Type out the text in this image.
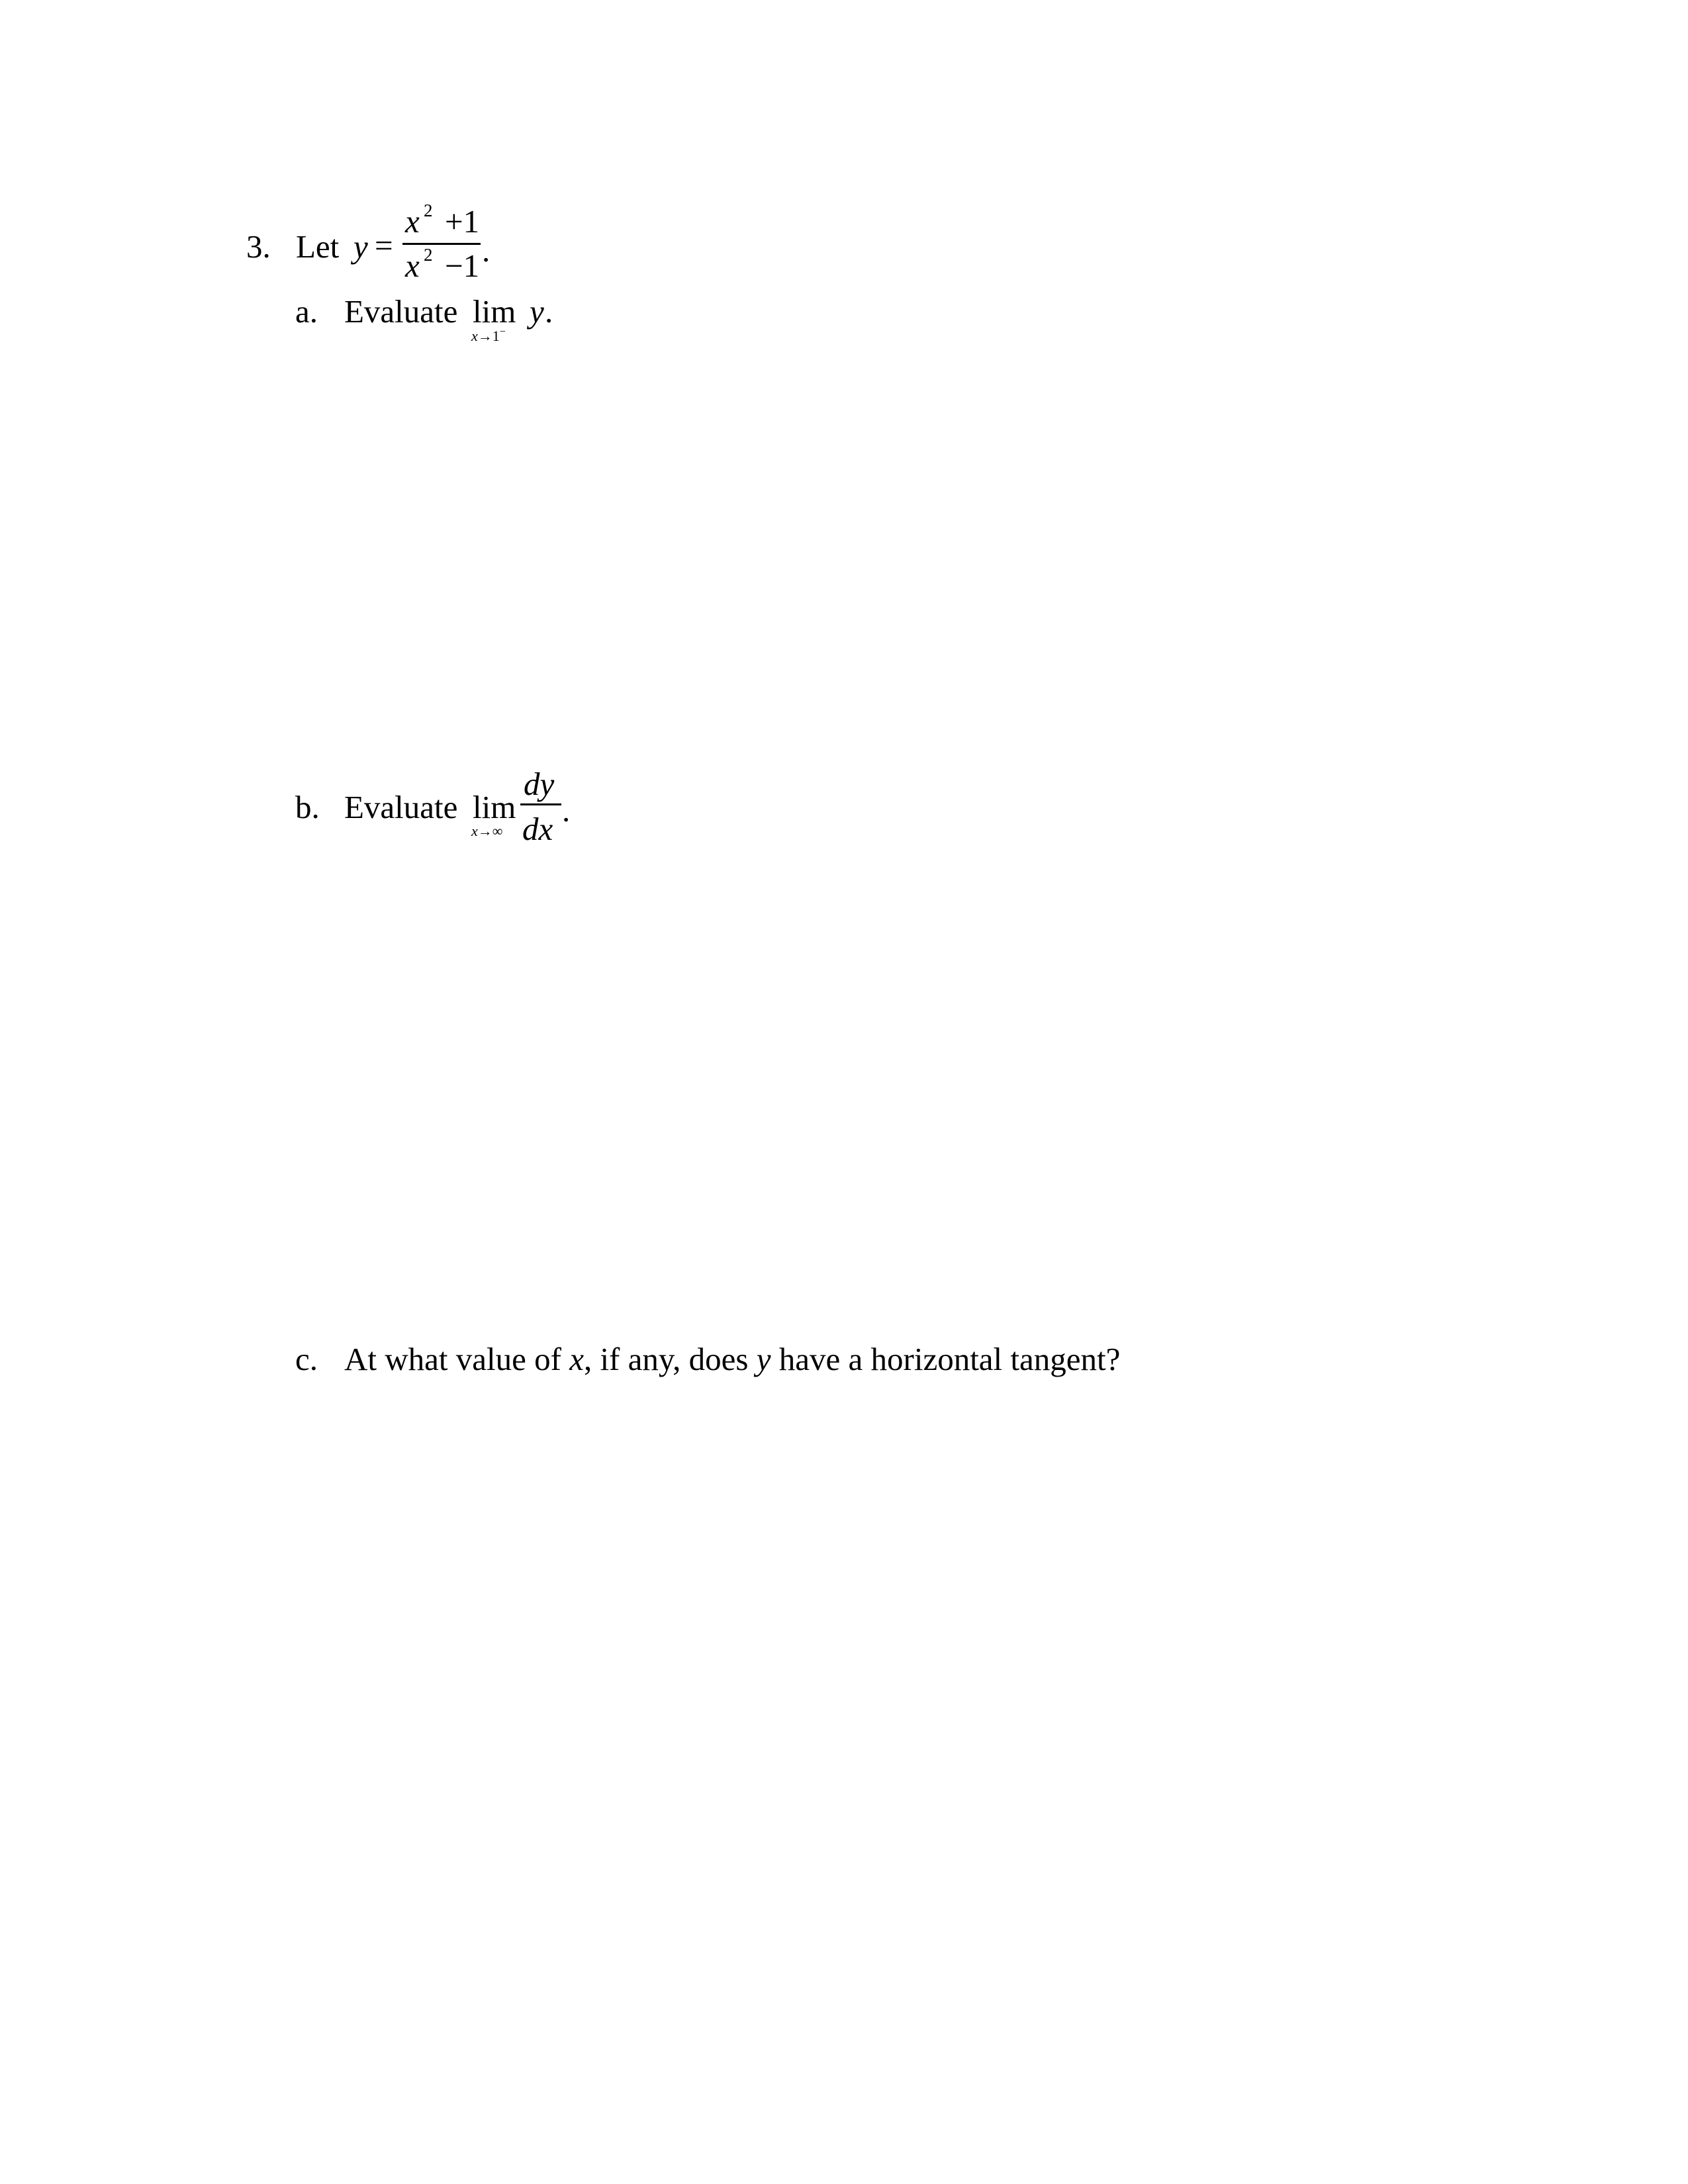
3. Let y =
x 2 +1
x 2 −1 .
a. Evaluate lim
x→1−
y .
b. Evaluate lim
x→∞
dy
dx
.
c. At what value of x, if any, does y have a horizontal tangent?
